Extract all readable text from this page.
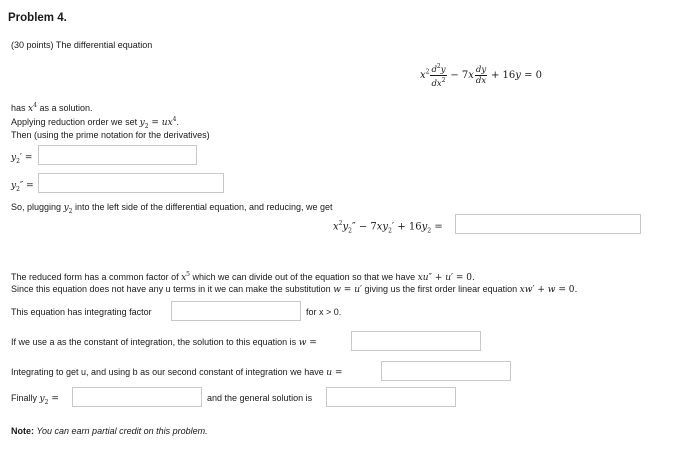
Problem 4.
(30 points) The differential equation
$x^2 \frac{d^2y}{dx^2} - 7x \frac{dy}{dx} + 16y = 0$
has $x^4$ as a solution.
Applying reduction order we set $y_2 = ux^4$.
Then (using the prime notation for the derivatives)
$y_2'$ =
$y_2''$ =
So, plugging $y_2$ into the left side of the differential equation, and reducing, we get
$x^2y_2'' - 7xy_2' + 16y_2$ =
The reduced form has a common factor of $x^5$ which we can divide out of the equation so that we have xu″ + u′ = 0.
Since this equation does not have any u terms in it we can make the substitution w = u′ giving us the first order linear equation xw′ + w = 0.
This equation has integrating factor	for x > 0.
If we use a as the constant of integration, the solution to this equation is w =
Integrating to get u, and using b as our second constant of integration we have u =
Finally $y_2$ =	and the general solution is
Note: You can earn partial credit on this problem.
